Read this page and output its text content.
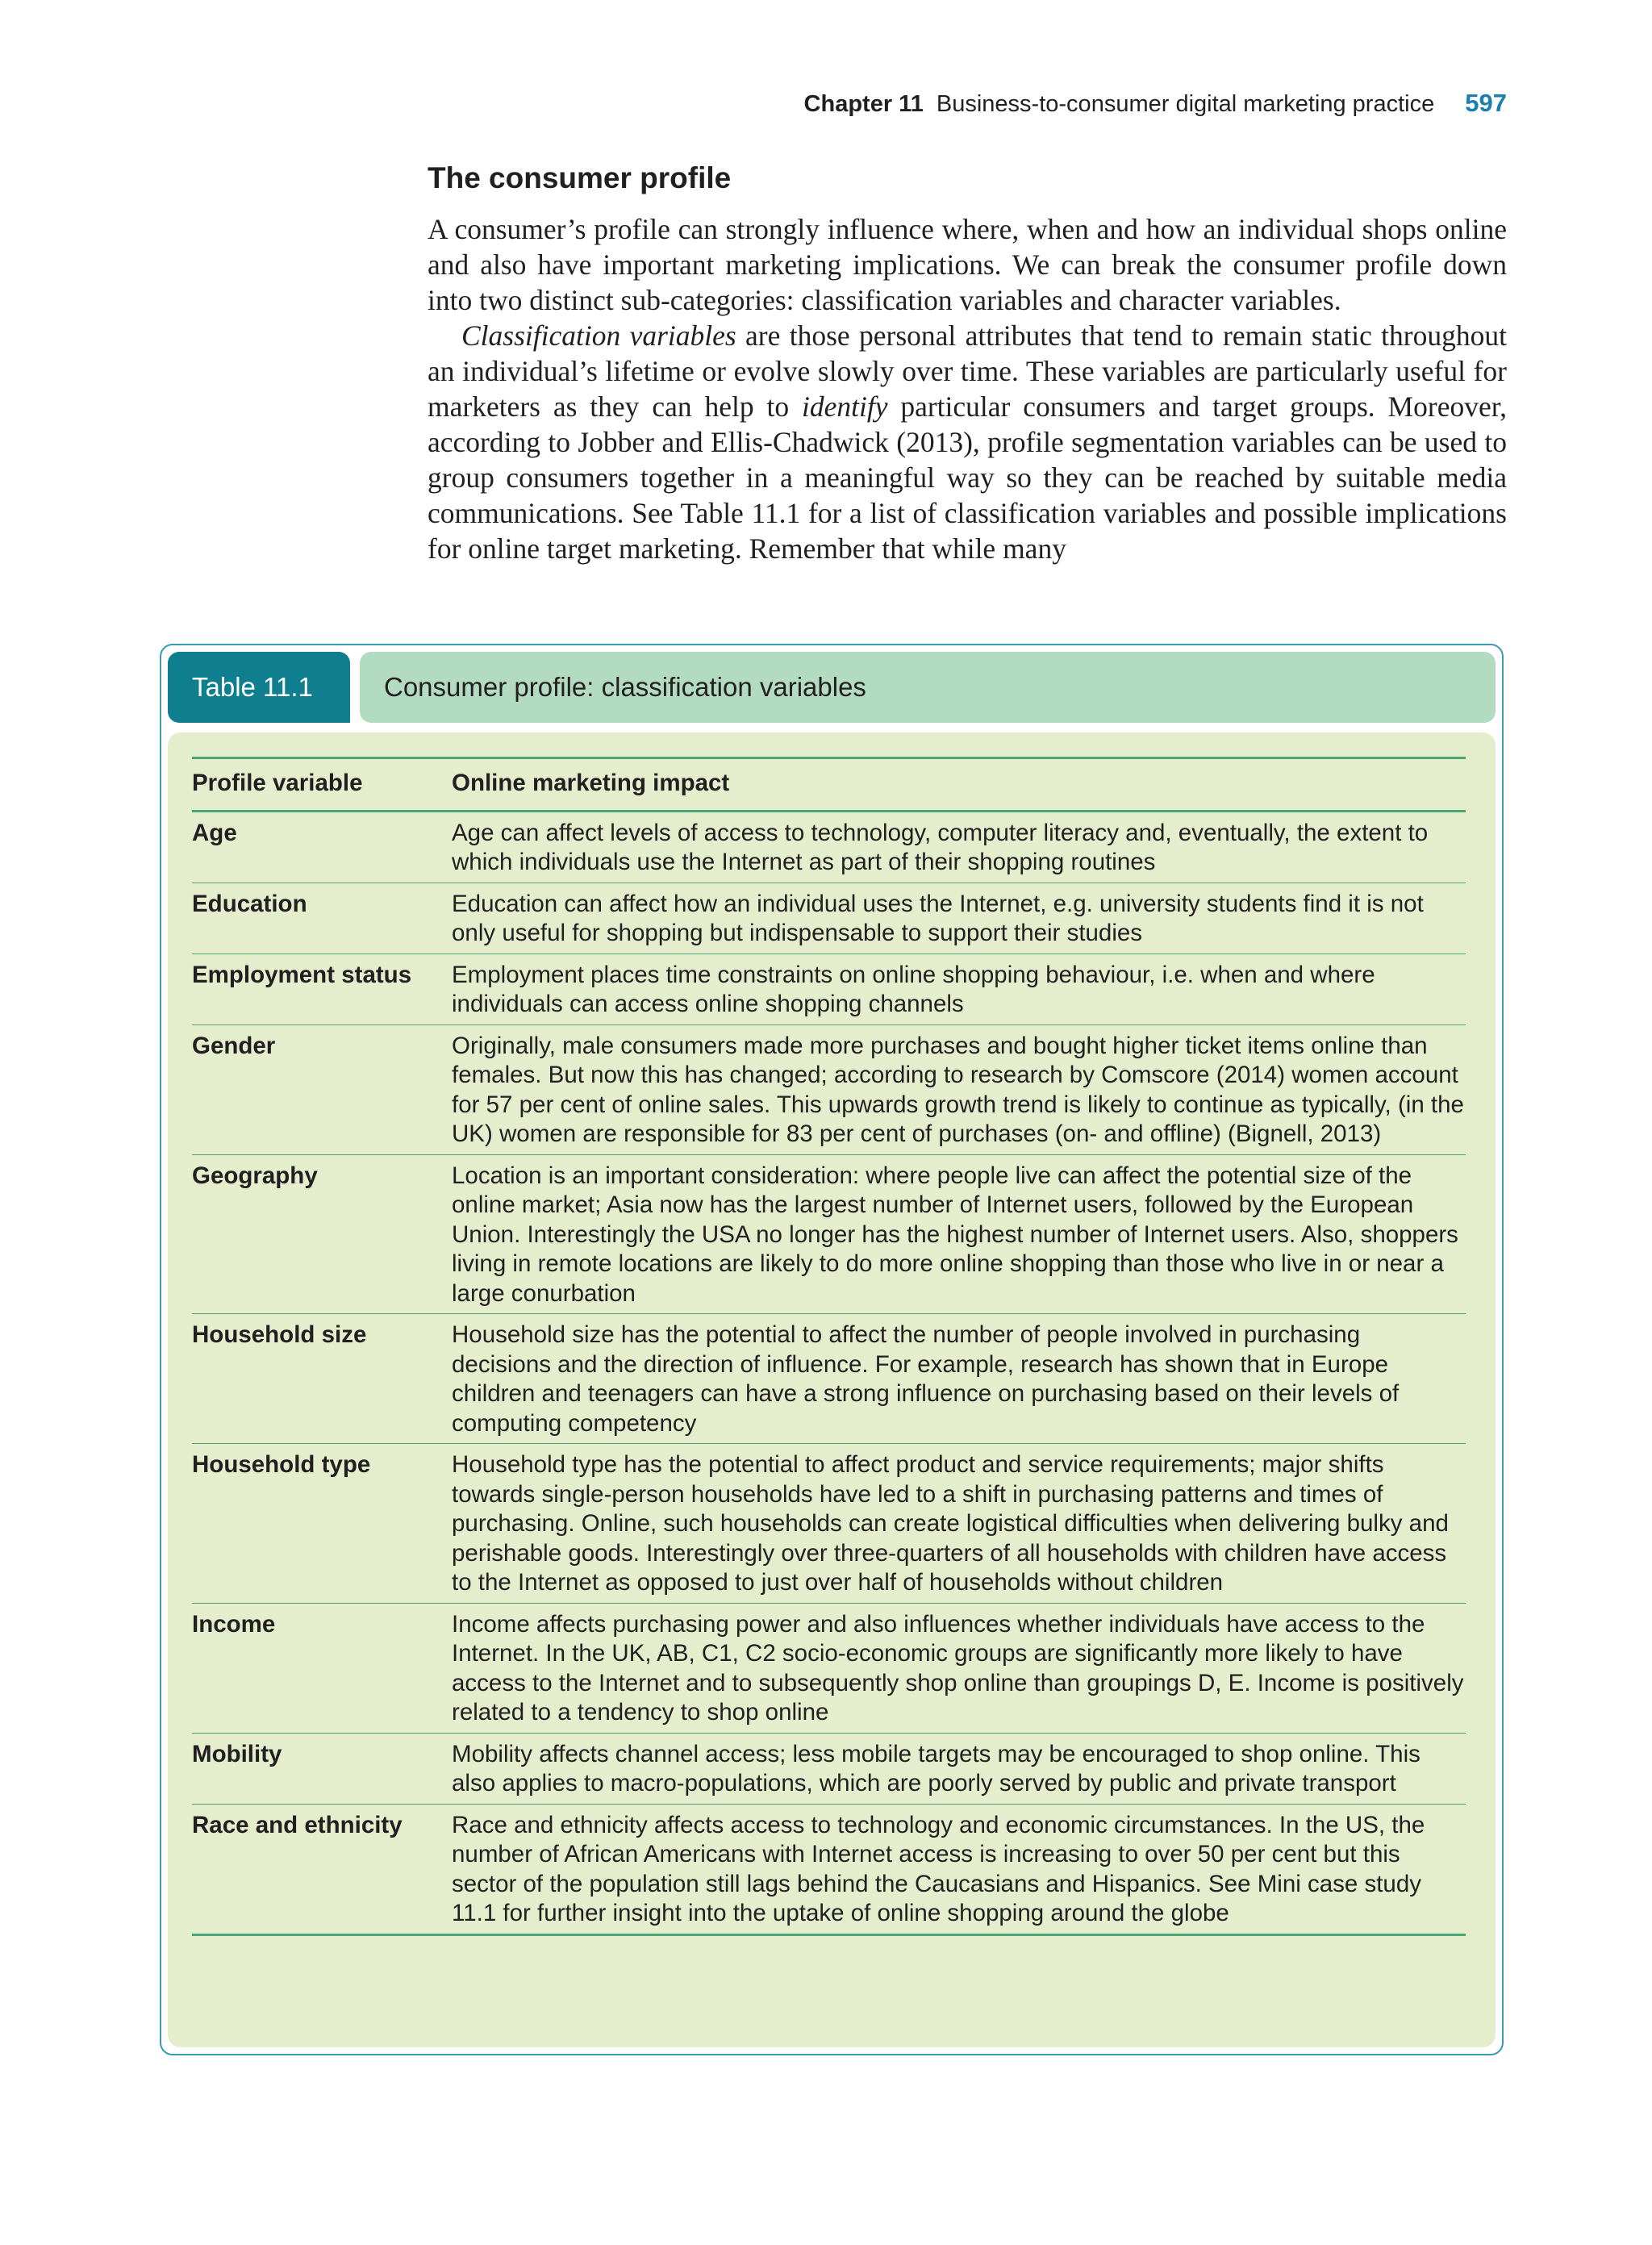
Chapter 11 Business-to-consumer digital marketing practice 597
The consumer profile

A consumer’s profile can strongly influence where, when and how an individual shops online and also have important marketing implications. We can break the consumer profile down into two distinct sub-categories: classification variables and character variables.

Classification variables are those personal attributes that tend to remain static throughout an individual’s lifetime or evolve slowly over time. These variables are particularly useful for marketers as they can help to identify particular consumers and target groups. Moreover, according to Jobber and Ellis-Chadwick (2013), profile segmentation variables can be used to group consumers together in a meaningful way so they can be reached by suitable media communications. See Table 11.1 for a list of classification variables and possible implications for online target marketing. Remember that while many

Table 11.1	Consumer profile: classification variables
Profile variable	Online marketing impact
Age	Age can affect levels of access to technology, computer literacy and, eventually, the extent to which individuals use the Internet as part of their shopping routines
Education	Education can affect how an individual uses the Internet, e.g. university students find it is not only useful for shopping but indispensable to support their studies
Employment status	Employment places time constraints on online shopping behaviour, i.e. when and where individuals can access online shopping channels
Gender	Originally, male consumers made more purchases and bought higher ticket items online than females. But now this has changed; according to research by Comscore (2014) women account for 57 per cent of online sales. This upwards growth trend is likely to continue as typically, (in the UK) women are responsible for 83 per cent of purchases (on- and offline) (Bignell, 2013)
Geography	Location is an important consideration: where people live can affect the potential size of the online market; Asia now has the largest number of Internet users, followed by the European Union. Interestingly the USA no longer has the highest number of Internet users. Also, shoppers living in remote locations are likely to do more online shopping than those who live in or near a large conurbation
Household size	Household size has the potential to affect the number of people involved in purchasing decisions and the direction of influence. For example, research has shown that in Europe children and teenagers can have a strong influence on purchasing based on their levels of computing competency
Household type	Household type has the potential to affect product and service requirements; major shifts towards single-person households have led to a shift in purchasing patterns and times of purchasing. Online, such households can create logistical difficulties when delivering bulky and perishable goods. Interestingly over three-quarters of all households with children have access to the Internet as opposed to just over half of households without children
Income	Income affects purchasing power and also influences whether individuals have access to the Internet. In the UK, AB, C1, C2 socio-economic groups are significantly more likely to have access to the Internet and to subsequently shop online than groupings D, E. Income is positively related to a tendency to shop online
Mobility	Mobility affects channel access; less mobile targets may be encouraged to shop online. This also applies to macro-populations, which are poorly served by public and private transport
Race and ethnicity	Race and ethnicity affects access to technology and economic circumstances. In the US, the number of African Americans with Internet access is increasing to over 50 per cent but this sector of the population still lags behind the Caucasians and Hispanics. See Mini case study 11.1 for further insight into the uptake of online shopping around the globe
